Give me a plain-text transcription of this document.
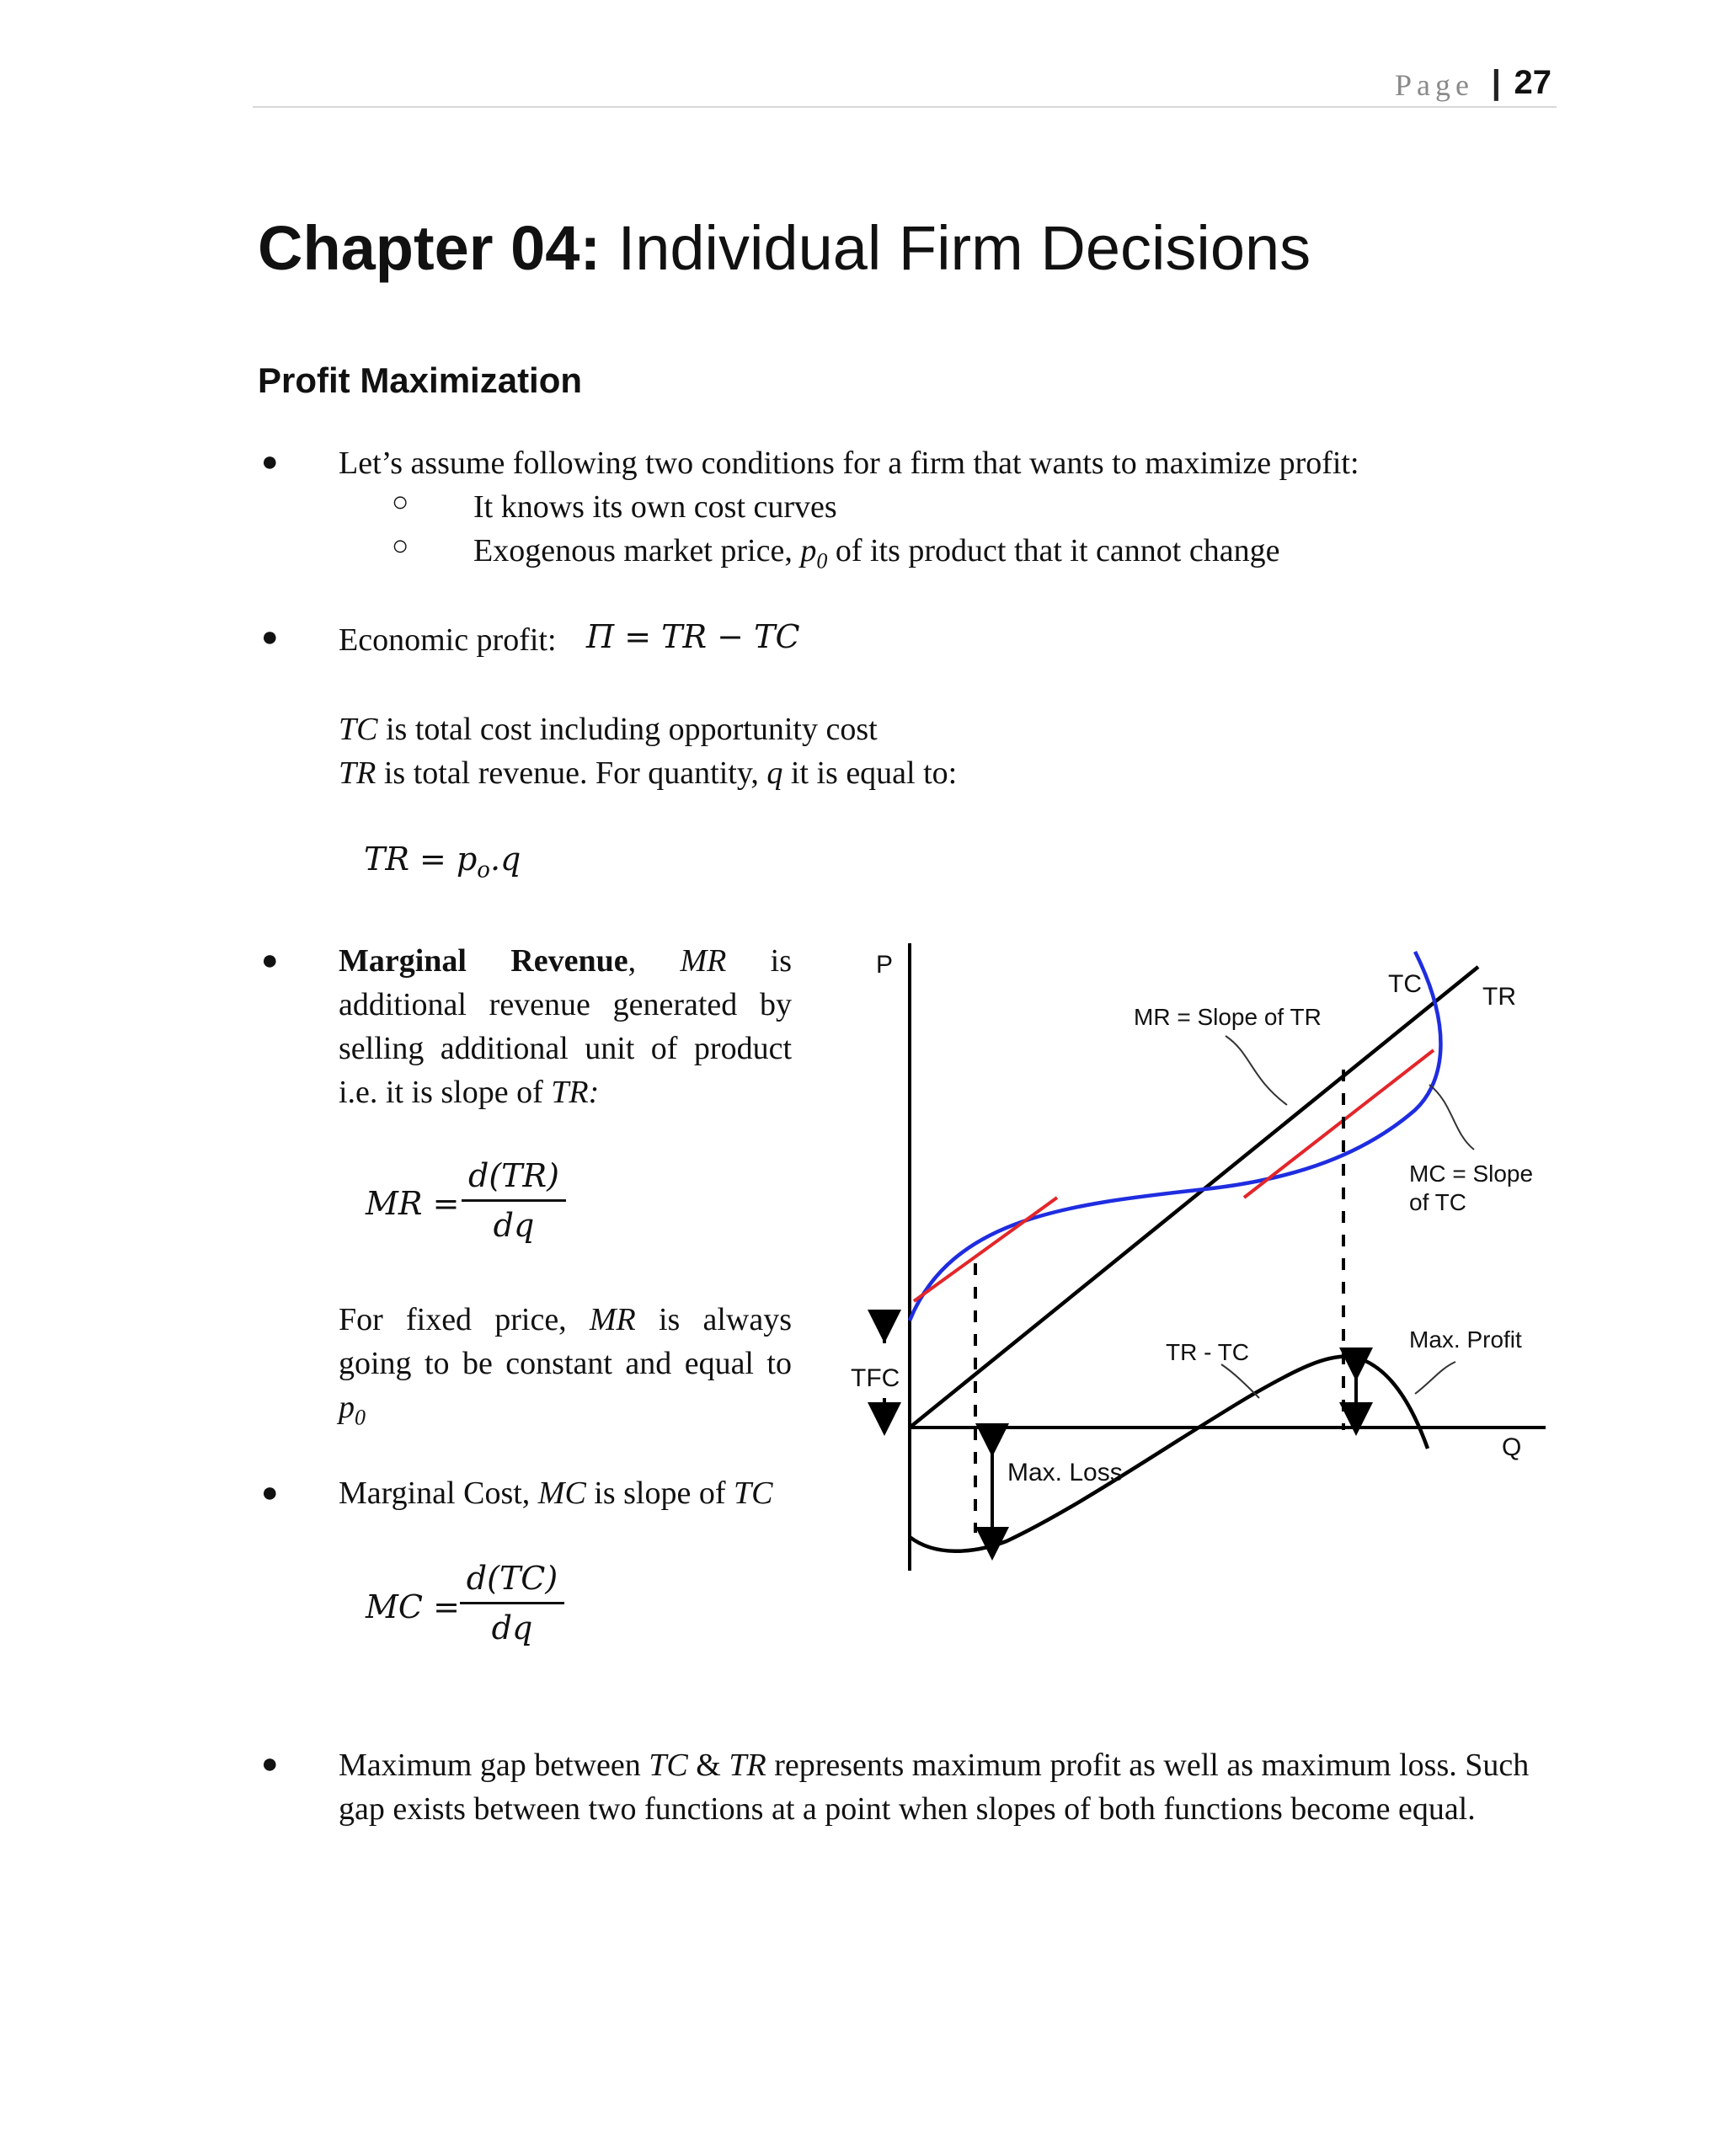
Page | 27
Chapter 04: Individual Firm Decisions
Profit Maximization
● Let’s assume following two conditions for a firm that wants to maximize profit:
○ It knows its own cost curves
○ Exogenous market price, $p_0$ of its product that it cannot change
● Economic profit: Π = TR − TC
TC is total cost including opportunity cost
TR is total revenue. For quantity, q it is equal to:
TR = $p_o.q$
● Marginal Revenue, MR is
additional revenue generated by
selling additional unit of product
i.e. it is slope of TR:
MR = $\frac{d(TR)}{dq}$
For fixed price, MR is always
going to be constant and equal to
$p_0$
● Marginal Cost, MC is slope of TC
MC = $\frac{d(TC)}{dq}$
● Maximum gap between TC & TR represents maximum profit as well as maximum loss. Such
gap exists between two functions at a point when slopes of both functions become equal.
P
Q
TC TR
MR = Slope of TR
MC = Slope
of TC
Max. Profit
TR - TC
Max. Loss
TFC
